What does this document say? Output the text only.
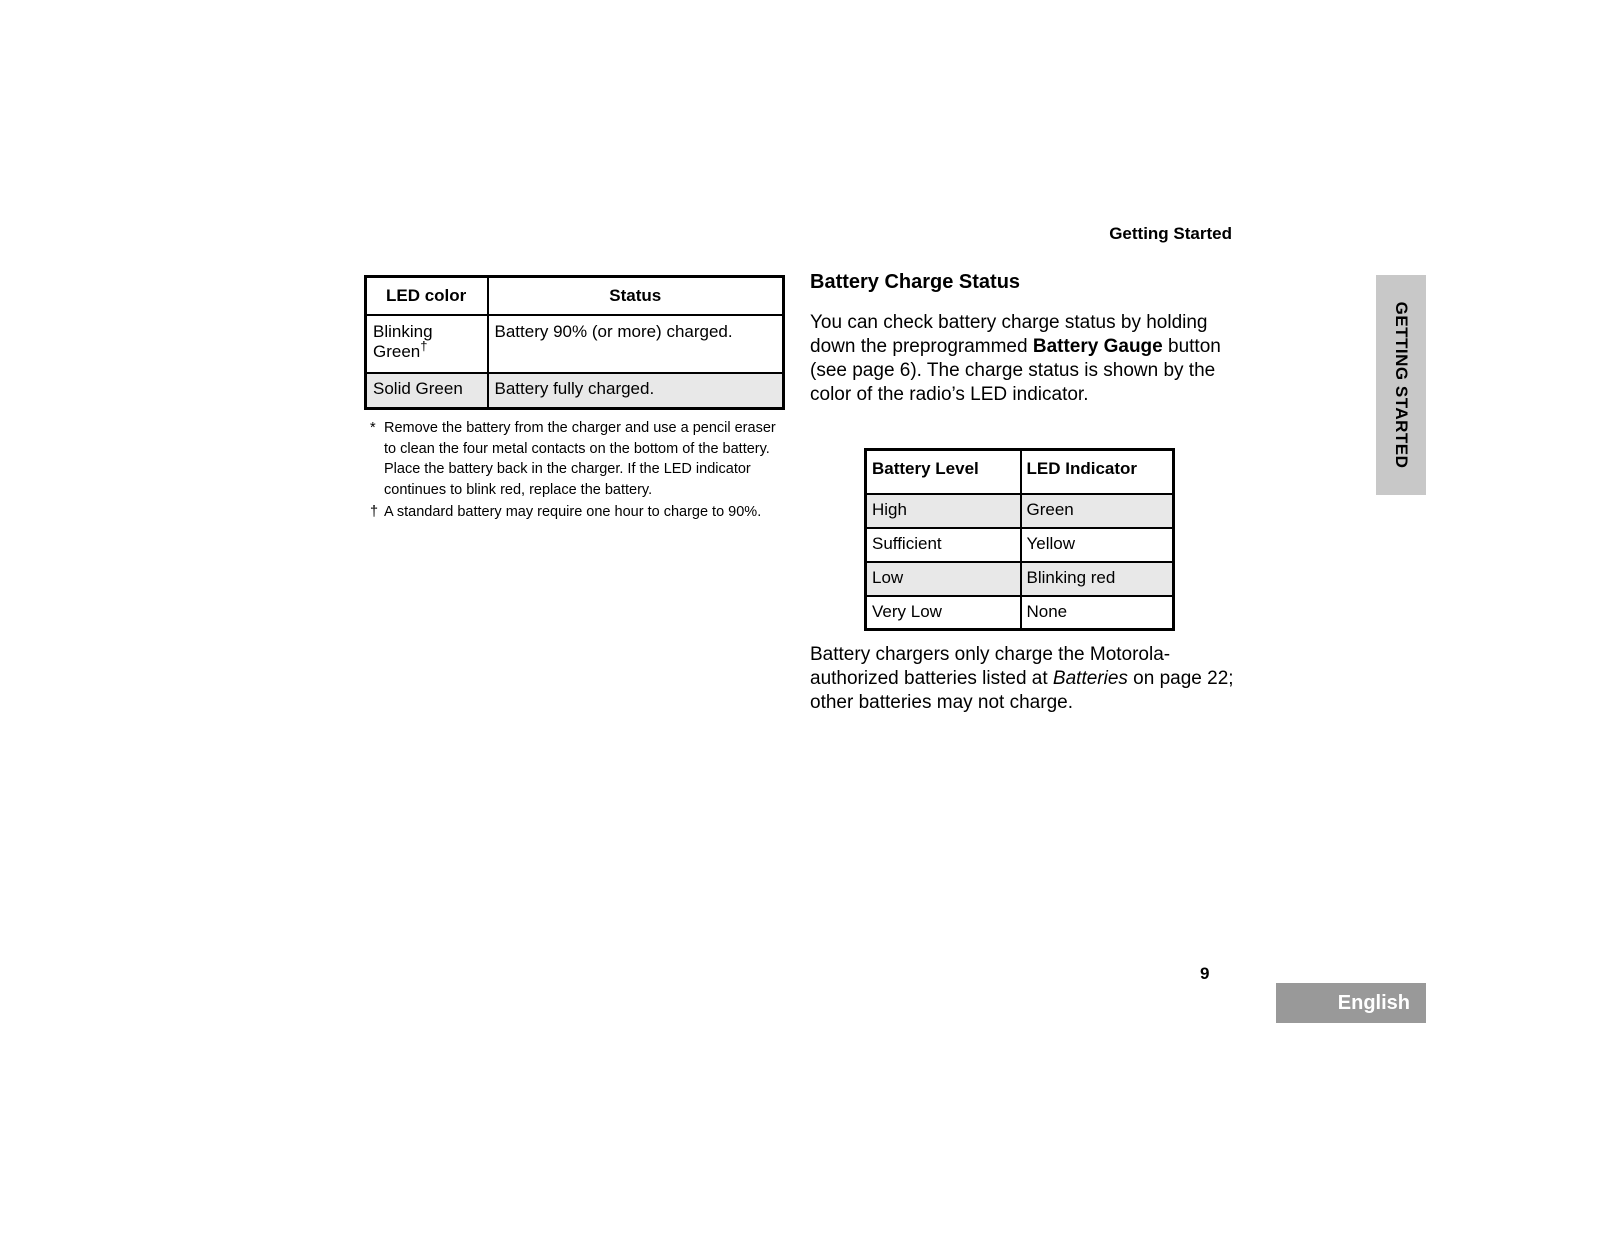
Getting Started
LED color	Status
Blinking Green†	Battery 90% (or more) charged.
Solid Green	Battery fully charged.
* Remove the battery from the charger and use a pencil eraser to clean the four metal contacts on the bottom of the battery. Place the battery back in the charger. If the LED indicator continues to blink red, replace the battery.
† A standard battery may require one hour to charge to 90%.
Battery Charge Status
You can check battery charge status by holding down the preprogrammed Battery Gauge button (see page 6). The charge status is shown by the color of the radio’s LED indicator.
Battery Level	LED Indicator
High	Green
Sufficient	Yellow
Low	Blinking red
Very Low	None
Battery chargers only charge the Motorola-authorized batteries listed at Batteries on page 22; other batteries may not charge.
GETTING STARTED
9
English
